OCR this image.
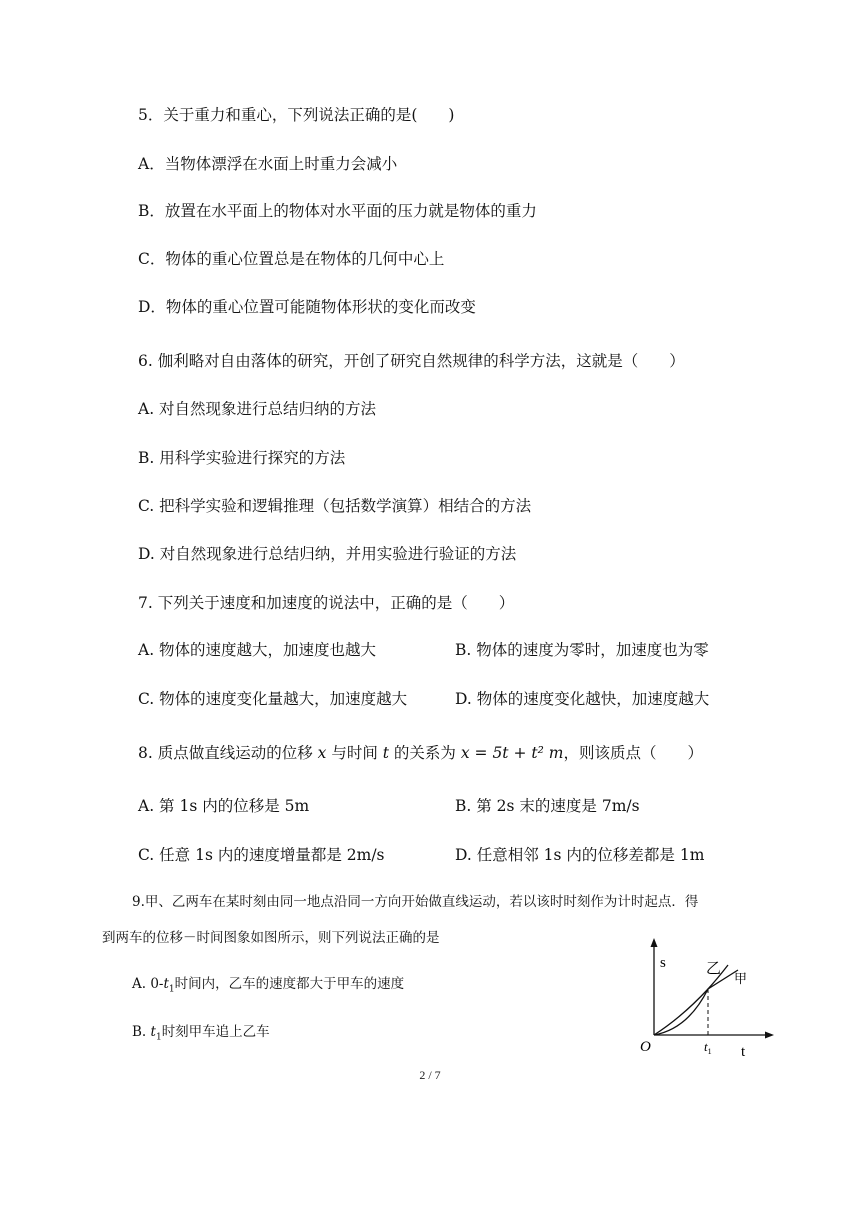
5．关于重力和重心，下列说法正确的是(　　)
A．当物体漂浮在水面上时重力会减小
B．放置在水平面上的物体对水平面的压力就是物体的重力
C．物体的重心位置总是在物体的几何中心上
D．物体的重心位置可能随物体形状的变化而改变
6. 伽利略对自由落体的研究，开创了研究自然规律的科学方法，这就是（　　）
A. 对自然现象进行总结归纳的方法
B. 用科学实验进行探究的方法
C. 把科学实验和逻辑推理（包括数学演算）相结合的方法
D. 对自然现象进行总结归纳，并用实验进行验证的方法
7. 下列关于速度和加速度的说法中，正确的是（　　）
A. 物体的速度越大，加速度也越大	B. 物体的速度为零时，加速度也为零
C. 物体的速度变化量越大，加速度越大	D. 物体的速度变化越快，加速度越大
8. 质点做直线运动的位移 x 与时间 t 的关系为 x = 5t + t² m，则该质点（　　）
A. 第 1s 内的位移是 5m	B. 第 2s 末的速度是 7m/s
C. 任意 1s 内的速度增量都是 2m/s	D. 任意相邻 1s 内的位移差都是 1m
9.甲、乙两车在某时刻由同一地点沿同一方向开始做直线运动，若以该时时刻作为计时起点．得
到两车的位移－时间图象如图所示，则下列说法正确的是
A. $0-t_1$时间内，乙车的速度都大于甲车的速度
B. $t_1$时刻甲车追上乙车
s
t
O	$t_1$
乙
甲
2 / 7
